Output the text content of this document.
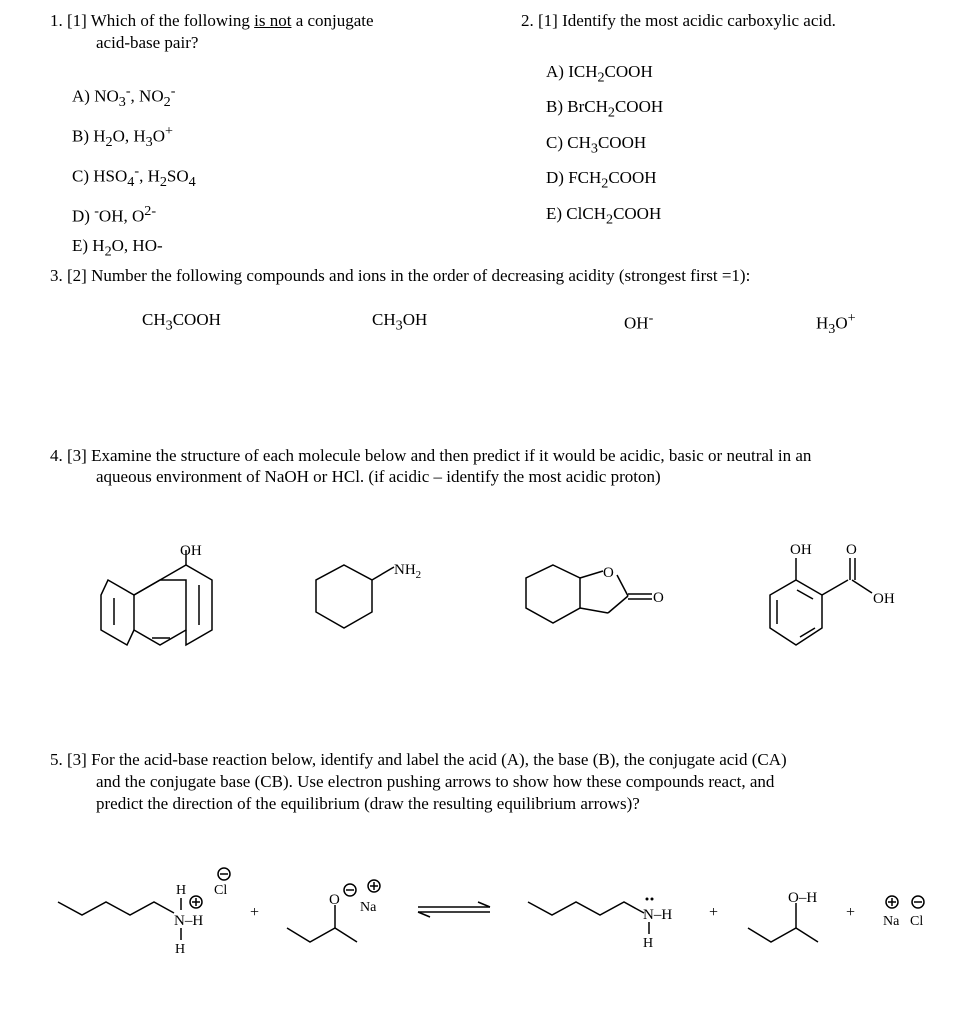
1. [1] Which of the following is not a conjugate
acid-base pair?
A) $NO_3^-$, $NO_2^-$
B) $H_2O$, $H_3O^+$
C) $HSO_4^-$, $H_2SO_4$
D) -OH, $O^{2-}$
E) $H_2O$, HO-
2. [1] Identify the most acidic carboxylic acid.
A) $ICH_2COOH$
B) BrCH$_2$COOH
C) $CH_3COOH$
D) $FCH_2COOH$
E) ClCH$_2$COOH
3. [2] Number the following compounds and ions in the order of decreasing acidity (strongest first =1):
$CH_3COOH$	$CH_3OH$	OH-	$H_3O^+$
4. [3] Examine the structure of each molecule below and then predict if it would be acidic, basic or neutral in an
aqueous environment of NaOH or HCl. (if acidic – identify the most acidic proton)
5. [3] For the acid-base reaction below, identify and label the acid (A), the base (B), the conjugate acid (CA)
and the conjugate base (CB). Use electron pushing arrows to show how these compounds react, and
predict the direction of the equilibrium (draw the resulting equilibrium arrows)?
OH
$NH_2$	O
O
OH O
OH
H
N–H
H
Cl
+
O Na	N–H
H
+
O–H
+
Na Cl
